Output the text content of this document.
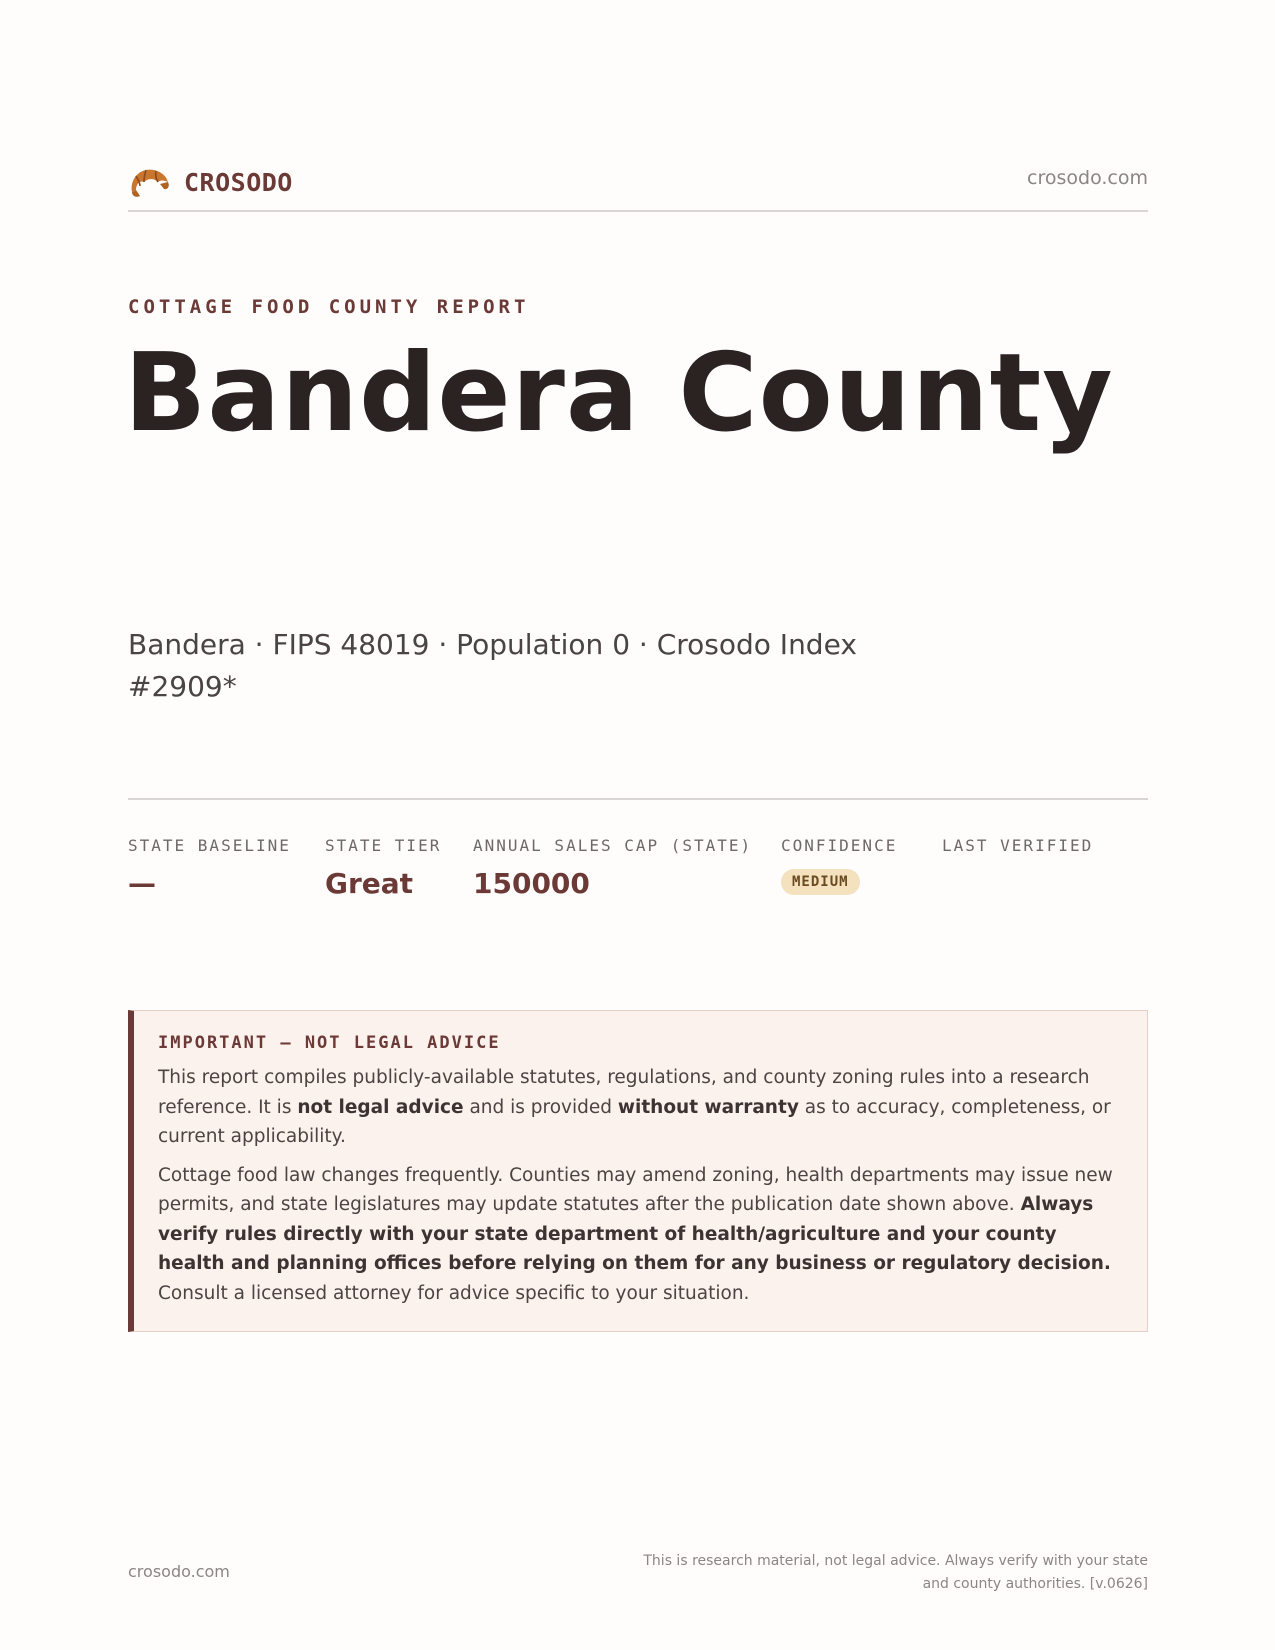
CROSODO	crosodo.com
COTTAGE FOOD COUNTY REPORT
Bandera County
Bandera · FIPS 48019 · Population 0 · Crosodo Index #2909*
STATE BASELINE
—
STATE TIER
Great
ANNUAL SALES CAP (STATE)
150000
CONFIDENCE
MEDIUM
LAST VERIFIED
IMPORTANT — NOT LEGAL ADVICE

This report compiles publicly-available statutes, regulations, and county zoning rules into a research reference. It is not legal advice and is provided without warranty as to accuracy, completeness, or current applicability.

Cottage food law changes frequently. Counties may amend zoning, health departments may issue new permits, and state legislatures may update statutes after the publication date shown above. Always verify rules directly with your state department of health/agriculture and your county health and planning offices before relying on them for any business or regulatory decision. Consult a licensed attorney for advice specific to your situation.

crosodo.com
This is research material, not legal advice. Always verify with your state and county authorities. [v.0626]
